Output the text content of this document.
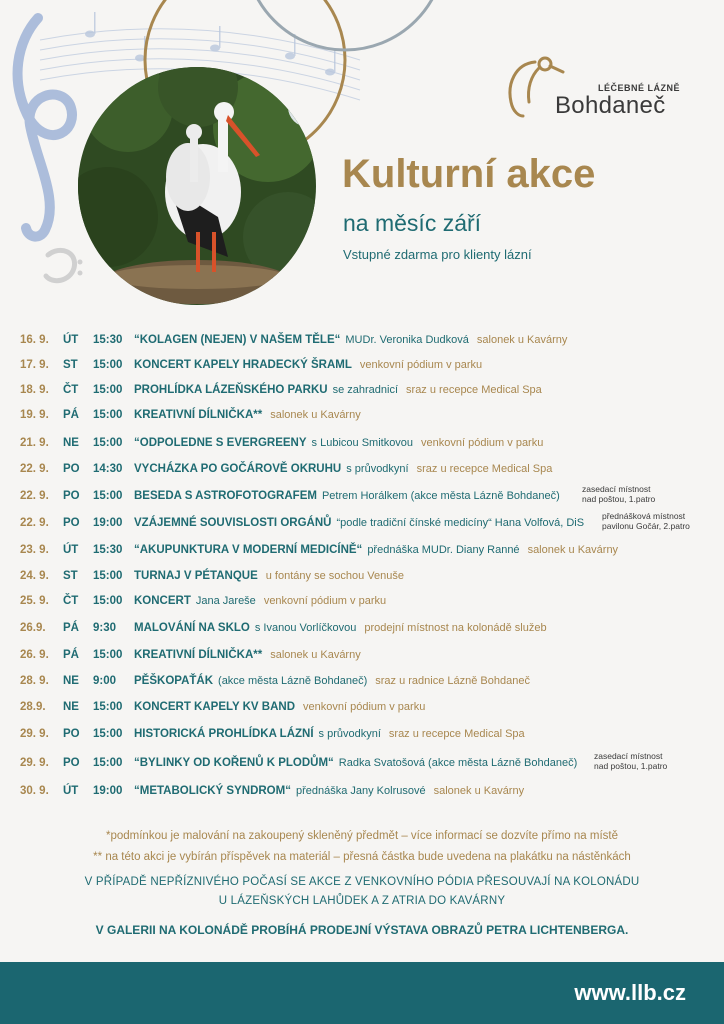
LÉČEBNÉ LÁZNĚ
Bohdaneč
Kulturní akce
na měsíc září
Vstupné zdarma pro klienty lázní
16. 9. ÚT 15:30 “KOLAGEN (NEJEN) V NAŠEM TĚLE“ MUDr. Veronika Dudková salonek u Kavárny
17. 9. ST 15:00 KONCERT KAPELY HRADECKÝ ŠRAML venkovní pódium v parku
18. 9. ČT 15:00 PROHLÍDKA LÁZEŇSKÉHO PARKU se zahradnicí sraz u recepce Medical Spa
19. 9. PÁ 15:00 KREATIVNÍ DÍLNIČKA** salonek u Kavárny
21. 9. NE 15:00 “ODPOLEDNE S EVERGREENY s Lubicou Smitkovou venkovní pódium v parku
22. 9. PO 14:30 VYCHÁZKA PO GOČÁROVĚ OKRUHU s průvodkyní sraz u recepce Medical Spa
22. 9. PO 15:00 BESEDA S ASTROFOTOGRAFEM Petrem Horálkem (akce města Lázně Bohdaneč)
zasedací místnost
nad poštou, 1.patro
22. 9. PO 19:00 VZÁJEMNÉ SOUVISLOSTI ORGÁNŮ “podle tradiční čínské medicíny“ Hana Volfová, DiS
přednášková místnost
pavilonu Gočár, 2.patro
23. 9. ÚT 15:30 “AKUPUNKTURA V MODERNÍ MEDICÍNĚ“ přednáška MUDr. Diany Ranné salonek u Kavárny
24. 9. ST 15:00 TURNAJ V PÉTANQUE u fontány se sochou Venuše
25. 9. ČT 15:00 KONCERT Jana Jareše venkovní pódium v parku
26.9. PÁ 9:30 MALOVÁNÍ NA SKLO s Ivanou Vorlíčkovou prodejní místnost na kolonádě služeb
26. 9. PÁ 15:00 KREATIVNÍ DÍLNIČKA** salonek u Kavárny
28. 9. NE 9:00 PĚŠKOPAŤÁK (akce města Lázně Bohdaneč) sraz u radnice Lázně Bohdaneč
28.9. NE 15:00 KONCERT KAPELY KV BAND venkovní pódium v parku
29. 9. PO 15:00 HISTORICKÁ PROHLÍDKA LÁZNÍ s průvodkyní sraz u recepce Medical Spa
29. 9. PO 15:00 “BYLINKY OD KOŘENŮ K PLODŮM“ Radka Svatošová (akce města Lázně Bohdaneč)
zasedací místnost
nad poštou, 1.patro
30. 9. ÚT 19:00 “METABOLICKÝ SYNDROM“ přednáška Jany Kolrusové salonek u Kavárny
*podmínkou je malování na zakoupený skleněný předmět – více informací se dozvíte přímo na místě
** na této akci je vybírán příspěvek na materiál – přesná částka bude uvedena na plakátku na nástěnkách
V PŘÍPADĚ NEPŘÍZNIVÉHO POČASÍ SE AKCE Z VENKOVNÍHO PÓDIA PŘESOUVAJÍ NA KOLONÁDU
U LÁZEŇSKÝCH LAHŮDEK A Z ATRIA DO KAVÁRNY
V GALERII NA KOLONÁDĚ PROBÍHÁ PRODEJNÍ VÝSTAVA OBRAZŮ PETRA LICHTENBERGA.
www.llb.cz
